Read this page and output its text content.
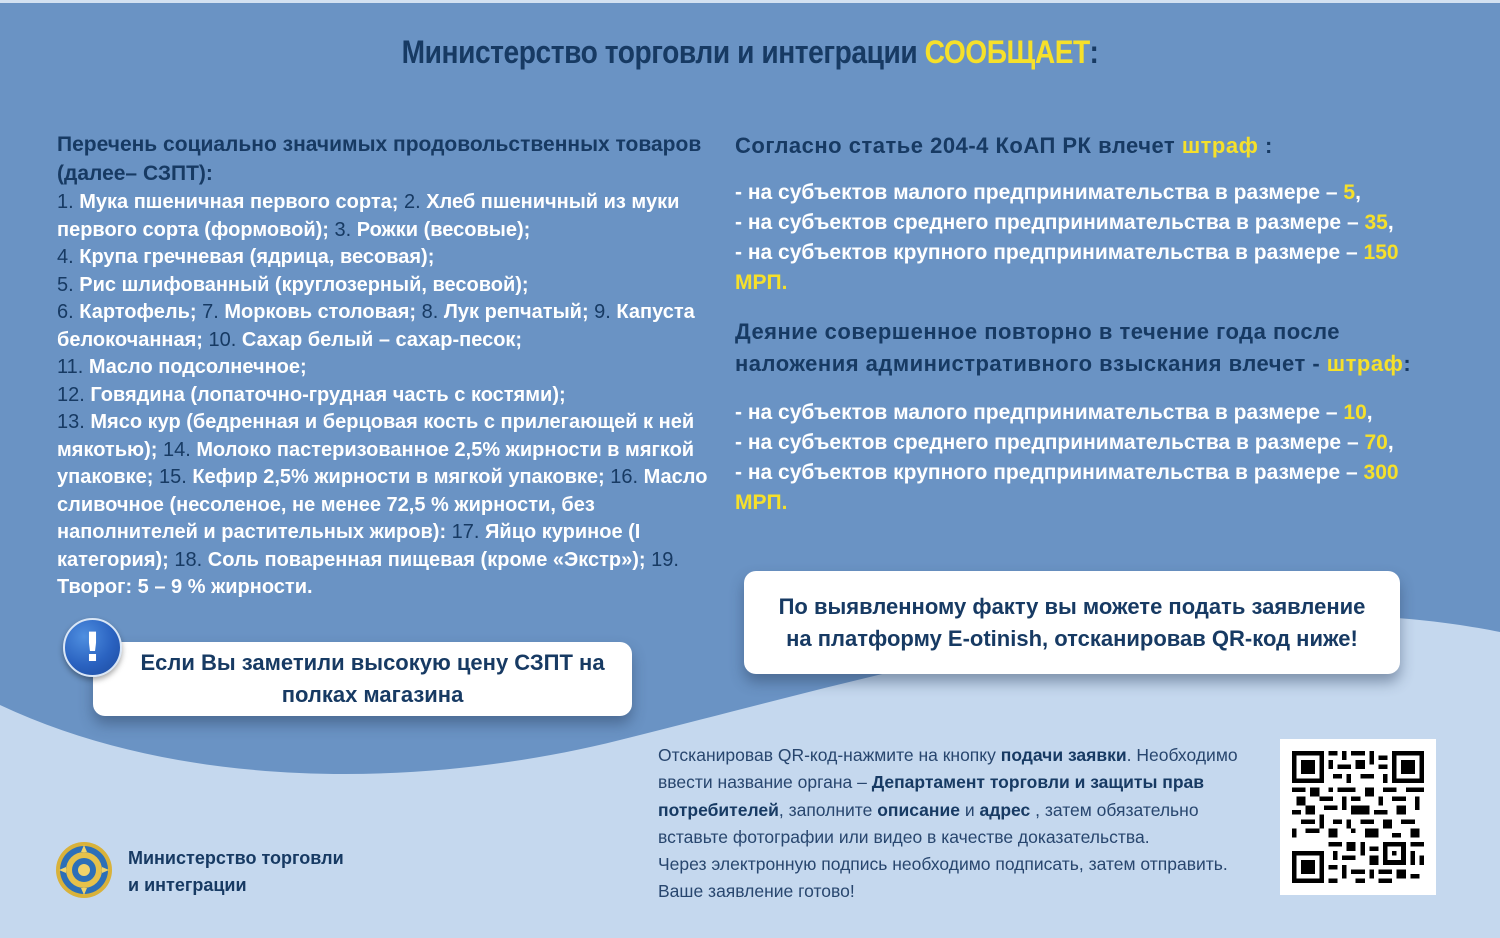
Министерство торговли и интеграции СООБЩАЕТ:

Перечень социально значимых продовольственных товаров (далее– СЗПТ):

1. Мука пшеничная первого сорта; 2. Хлеб пшеничный из муки первого сорта (формовой); 3. Рожки (весовые);
4. Крупа гречневая (ядрица, весовая);
5. Рис шлифованный (круглозерный, весовой);
6. Картофель; 7. Морковь столовая; 8. Лук репчатый; 9. Капуста белокочанная; 10. Сахар белый – сахар-песок;
11. Масло подсолнечное;
12. Говядина (лопаточно-грудная часть с костями);
13. Мясо кур (бедренная и берцовая кость с прилегающей к ней мякотью); 14. Молоко пастеризованное 2,5% жирности в мягкой упаковке; 15. Кефир 2,5% жирности в мягкой упаковке; 16. Масло сливочное (несоленое, не менее 72,5 % жирности, без наполнителей и растительных жиров): 17. Яйцо куриное (I категория); 18. Соль поваренная пищевая (кроме «Экстр»); 19. Творог: 5 – 9 % жирности.

Согласно статье 204-4 КоАП РК влечет штраф :

- на субъектов малого предпринимательства в размере – 5,

- на субъектов среднего предпринимательства в размере – 35,

- на субъектов крупного предпринимательства в размере – 150 МРП.

Деяние совершенное повторно в течение года после наложения административного взыскания влечет - штраф:

- на субъектов малого предпринимательства в размере – 10,

- на субъектов среднего предпринимательства в размере – 70,

- на субъектов крупного предпринимательства в размере – 300 МРП.

Если Вы заметили высокую цену СЗПТ на полках магазина
!
По выявленному факту вы можете подать заявление на платформу E-otinish, отсканировав QR-код ниже!

Отсканировав QR-код-нажмите на кнопку подачи заявки. Необходимо ввести название органа – Департамент торговли и защиты прав потребителей, заполните описание и адрес , затем обязательно вставьте фотографии или видео в качестве доказательства.

Через электронную подпись необходимо подписать, затем отправить. Ваше заявление готово!

Министерство торговли и интеграции
